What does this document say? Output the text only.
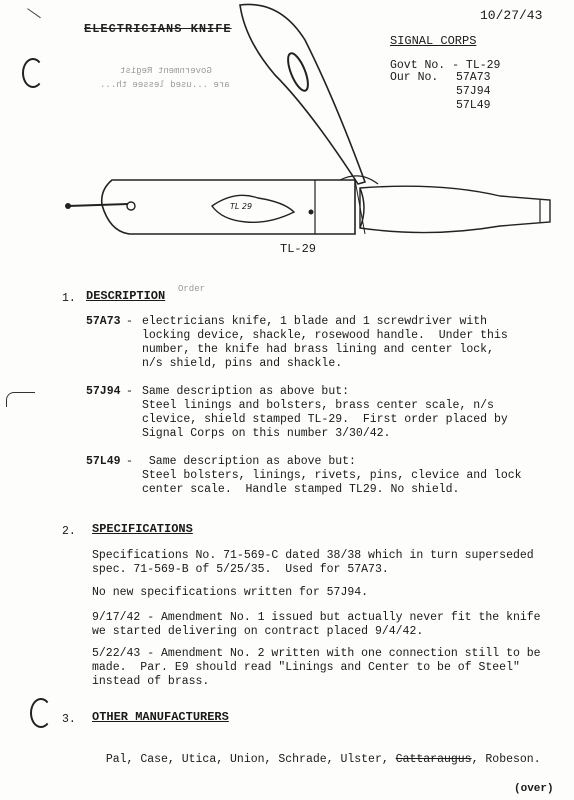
ELECTRICIANS KNIFE
Government Regist
are ...used lessee th...
10/27/43
SIGNAL CORPS
Govt No. - TL-29
Our No. 57A73
57J94
57L49
TL 29
TL-29
1. DESCRIPTION Order
57A73 - electricians knife, 1 blade and 1 screwdriver with
locking device, shackle, rosewood handle.  Under this
number, the knife had brass lining and center lock,
n/s shield, pins and shackle.
57J94 - Same description as above but:
Steel linings and bolsters, brass center scale, n/s
clevice, shield stamped TL-29.  First order placed by
Signal Corps on this number 3/30/42.
57L49 - Same description as above but:
Steel bolsters, linings, rivets, pins, clevice and lock
center scale.  Handle stamped TL29. No shield.
2. SPECIFICATIONS
Specifications No. 71-569-C dated 38/38 which in turn superseded
spec. 71-569-B of 5/25/35.  Used for 57A73.
No new specifications written for 57J94.
9/17/42 - Amendment No. 1 issued but actually never fit the knife
we started delivering on contract placed 9/4/42.
5/22/43 - Amendment No. 2 written with one connection still to be
made.  Par. E9 should read "Linings and Center to be of Steel"
instead of brass.
3. OTHER MANUFACTURERS

Pal, Case, Utica, Union, Schrade, Ulster, Cattaraugus, Robeson.

(over)
